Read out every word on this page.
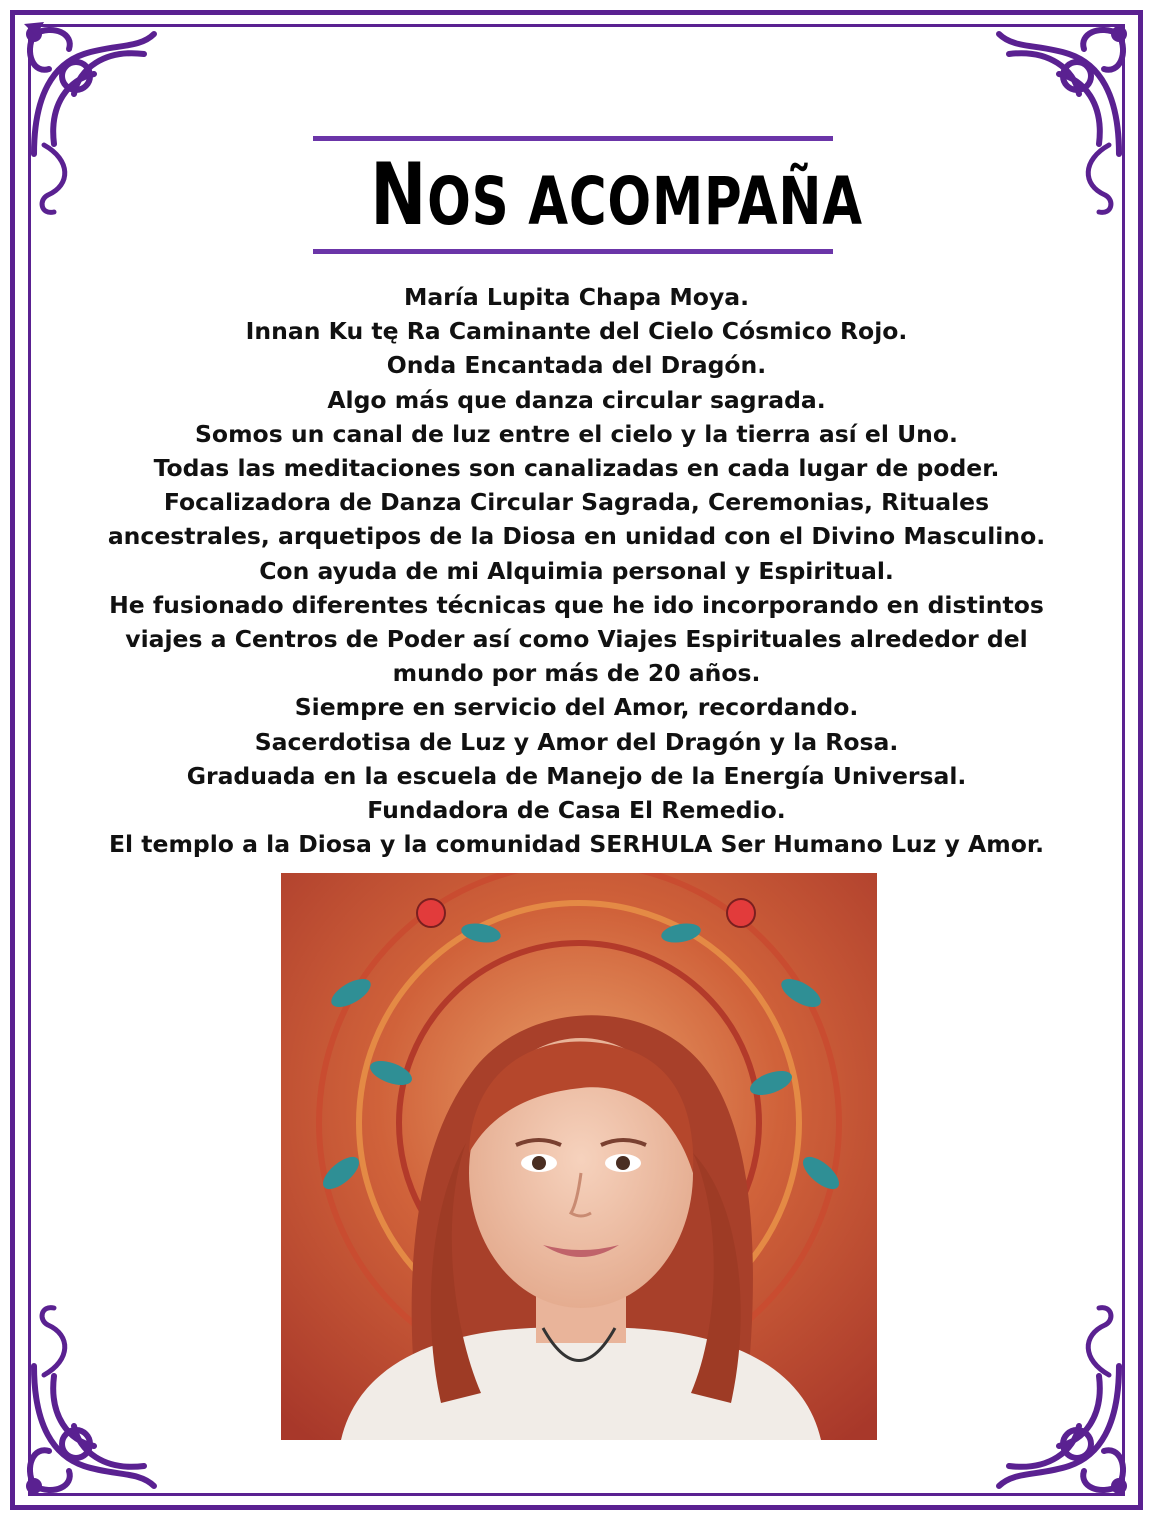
NOS ACOMPAÑA
María Lupita Chapa Moya.
Innan Ku tę Ra Caminante del Cielo Cósmico Rojo.
Onda Encantada del Dragón.
Algo más que danza circular sagrada.
Somos un canal de luz entre el cielo y la tierra así el Uno.
Todas las meditaciones son canalizadas en cada lugar de poder.
Focalizadora de Danza Circular Sagrada, Ceremonias, Rituales
ancestrales, arquetipos de la Diosa en unidad con el Divino Masculino.
Con ayuda de mi Alquimia personal y Espiritual.
He fusionado diferentes técnicas que he ido incorporando en distintos
viajes a Centros de Poder así como Viajes Espirituales alrededor del
mundo por más de 20 años.
Siempre en servicio del Amor, recordando.
Sacerdotisa de Luz y Amor del Dragón y la Rosa.
Graduada en la escuela de Manejo de la Energía Universal.
Fundadora de Casa El Remedio.
El templo a la Diosa y la comunidad SERHULA Ser Humano Luz y Amor.
